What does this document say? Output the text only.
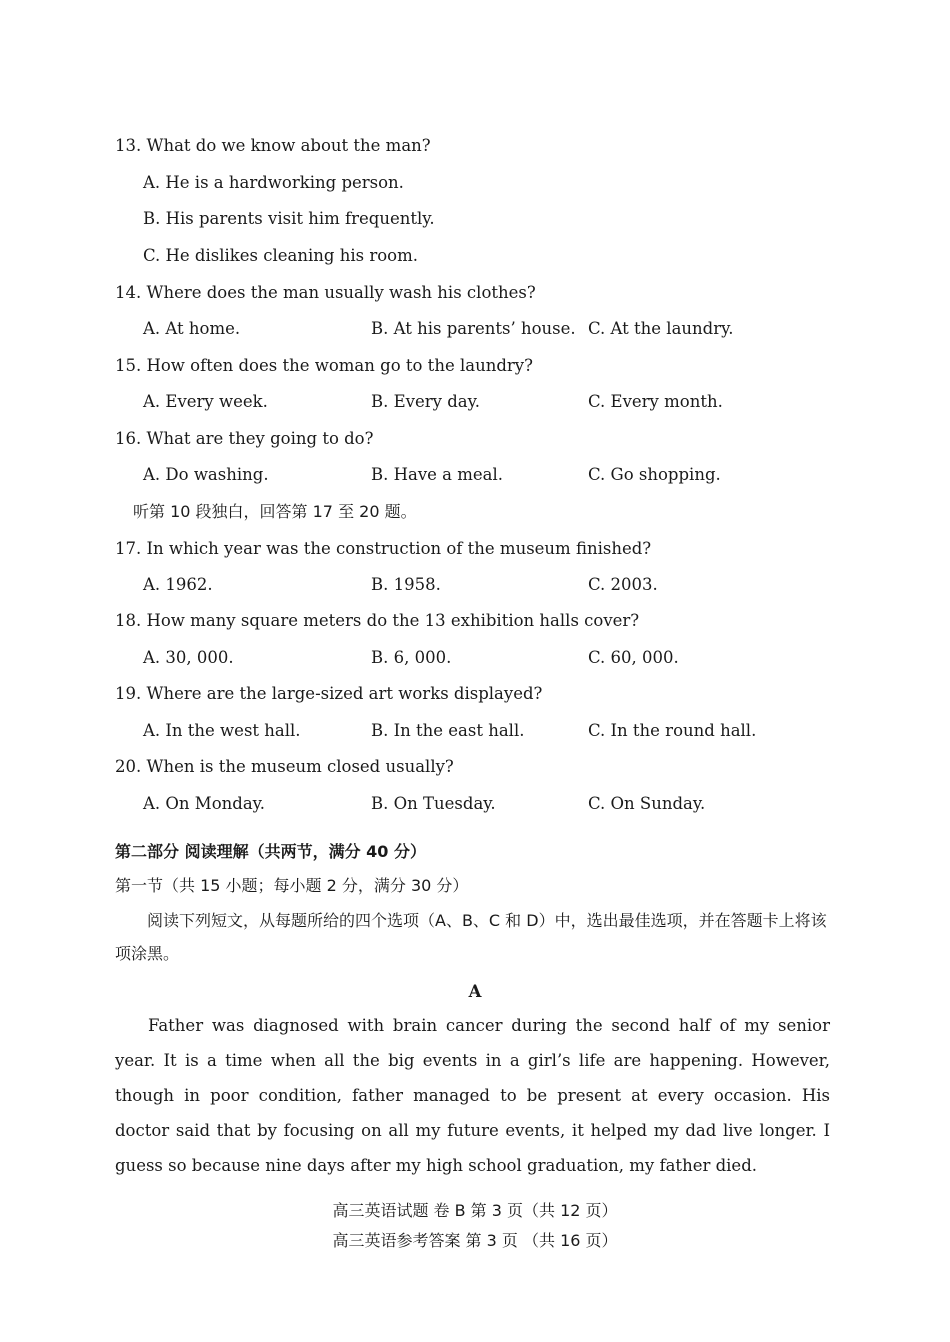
13. What do we know about the man?
A. He is a hardworking person.
B. His parents visit him frequently.
C. He dislikes cleaning his room.
14. Where does the man usually wash his clothes?
A. At home.	B. At his parents’ house. C. At the laundry.
15. How often does the woman go to the laundry?
A. Every week.	B. Every day.	C. Every month.
16. What are they going to do?
A. Do washing.	B. Have a meal.	C. Go shopping.
听第 10 段独白，回答第 17 至 20 题。
17. In which year was the construction of the museum finished?
A. 1962.	B. 1958.	C. 2003.
18. How many square meters do the 13 exhibition halls cover?
A. 30, 000.	B. 6, 000.	C. 60, 000.
19. Where are the large-sized art works displayed?
A. In the west hall.	B. In the east hall.	C. In the round hall.
20. When is the museum closed usually?
A. On Monday.	B. On Tuesday.	C. On Sunday.
第二部分 阅读理解（共两节，满分 40 分）
第一节（共 15 小题；每小题 2 分，满分 30 分）
阅读下列短文，从每题所给的四个选项（A、B、C 和 D）中，选出最佳选项，并在答题卡上将该项涂黑。
A
Father was diagnosed with brain cancer during the second half of my senior year. It is a time when all the big events in a girl’s life are happening. However, though in poor condition, father managed to be present at every occasion. His doctor said that by focusing on all my future events, it helped my dad live longer. I guess so because nine days after my high school graduation, my father died.
高三英语试题 卷 B 第 3 页（共 12 页）
高三英语参考答案 第 3 页 （共 16 页）
